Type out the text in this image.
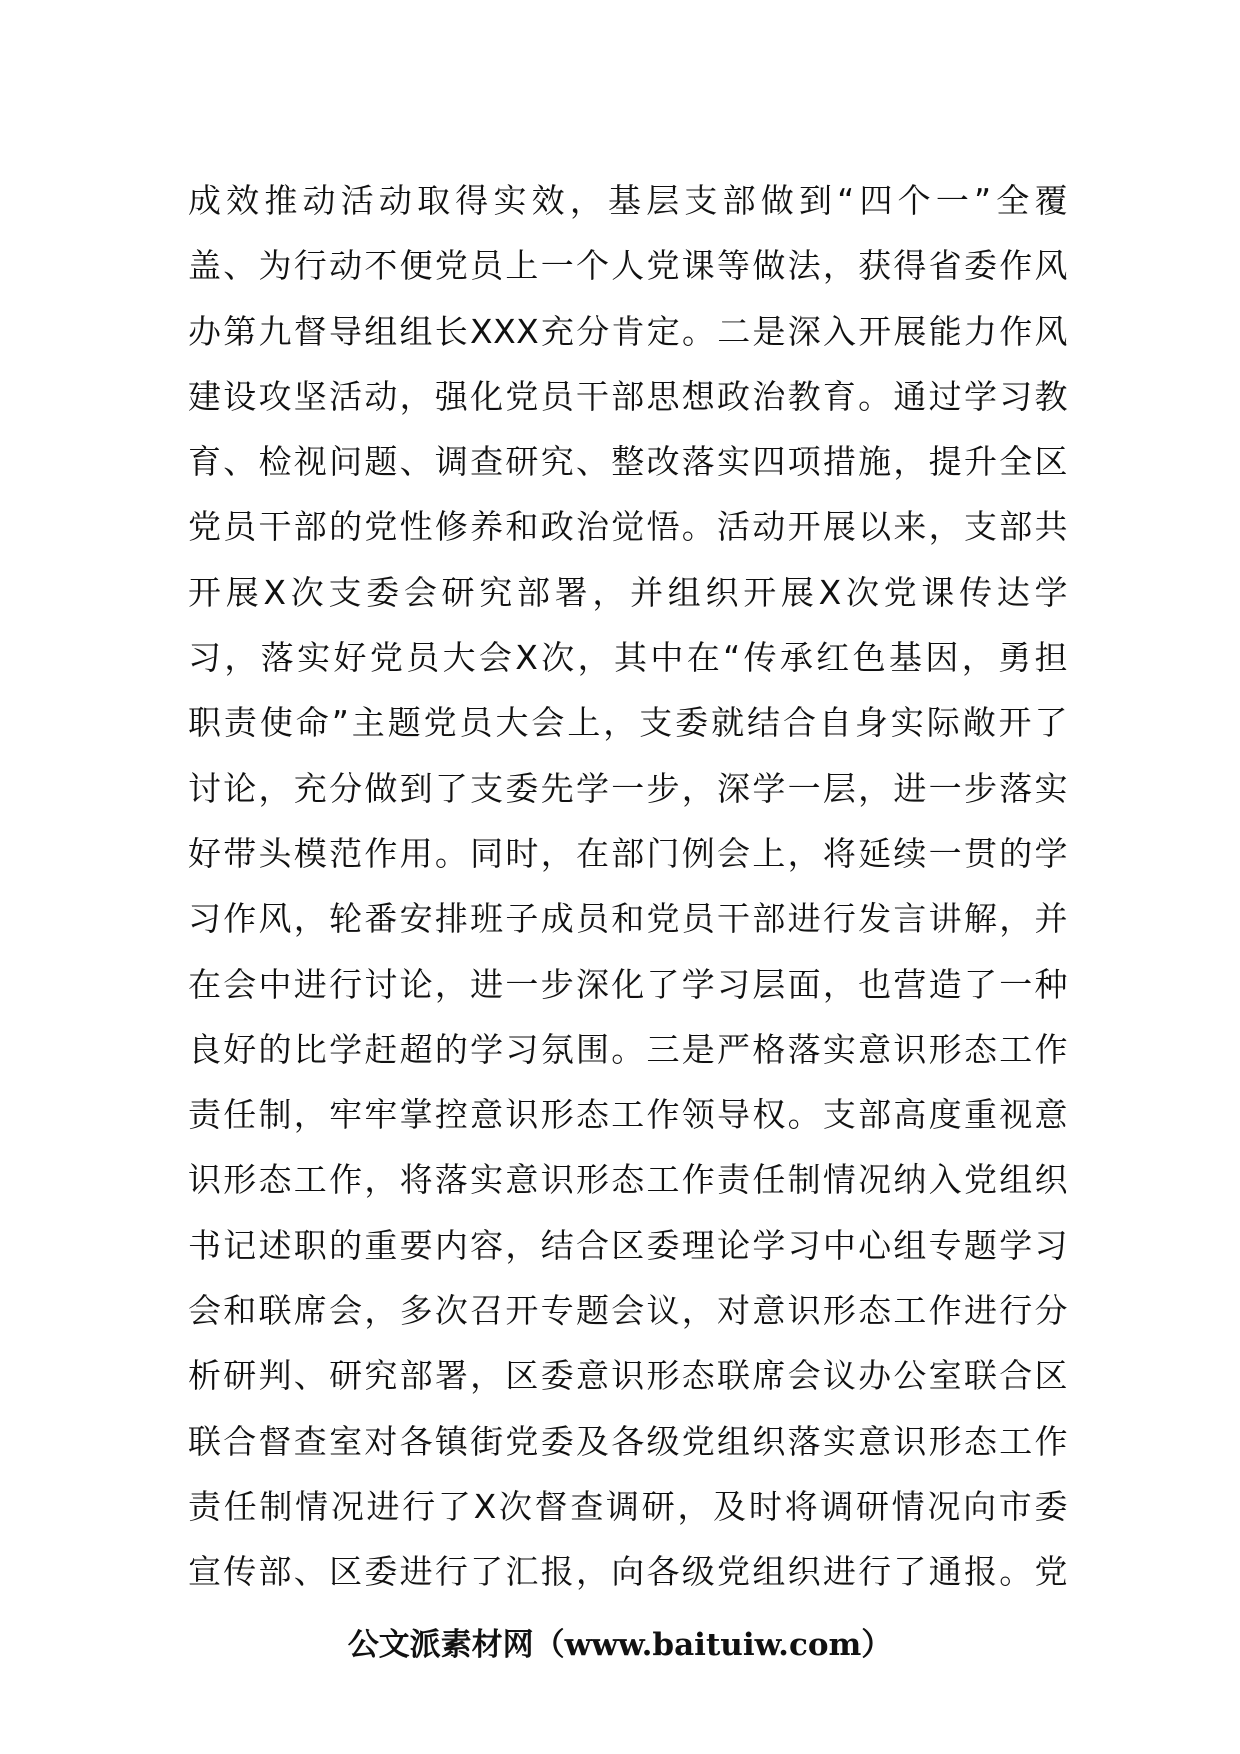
成效推动活动取得实效，基层支部做到“四个一”全覆
盖、为行动不便党员上一个人党课等做法，获得省委作风
办第九督导组组长XXX充分肯定。二是深入开展能力作风
建设攻坚活动，强化党员干部思想政治教育。通过学习教
育、检视问题、调查研究、整改落实四项措施，提升全区
党员干部的党性修养和政治觉悟。活动开展以来，支部共
开展X次支委会研究部署，并组织开展X次党课传达学
习，落实好党员大会X次，其中在“传承红色基因，勇担
职责使命”主题党员大会上，支委就结合自身实际敞开了
讨论，充分做到了支委先学一步，深学一层，进一步落实
好带头模范作用。同时，在部门例会上，将延续一贯的学
习作风，轮番安排班子成员和党员干部进行发言讲解，并
在会中进行讨论，进一步深化了学习层面，也营造了一种
良好的比学赶超的学习氛围。三是严格落实意识形态工作
责任制，牢牢掌控意识形态工作领导权。支部高度重视意
识形态工作，将落实意识形态工作责任制情况纳入党组织
书记述职的重要内容，结合区委理论学习中心组专题学习
会和联席会，多次召开专题会议，对意识形态工作进行分
析研判、研究部署，区委意识形态联席会议办公室联合区
联合督查室对各镇街党委及各级党组织落实意识形态工作
责任制情况进行了X次督查调研，及时将调研情况向市委
宣传部、区委进行了汇报，向各级党组织进行了通报。党
公文派素材网（www.baituiw.com）
